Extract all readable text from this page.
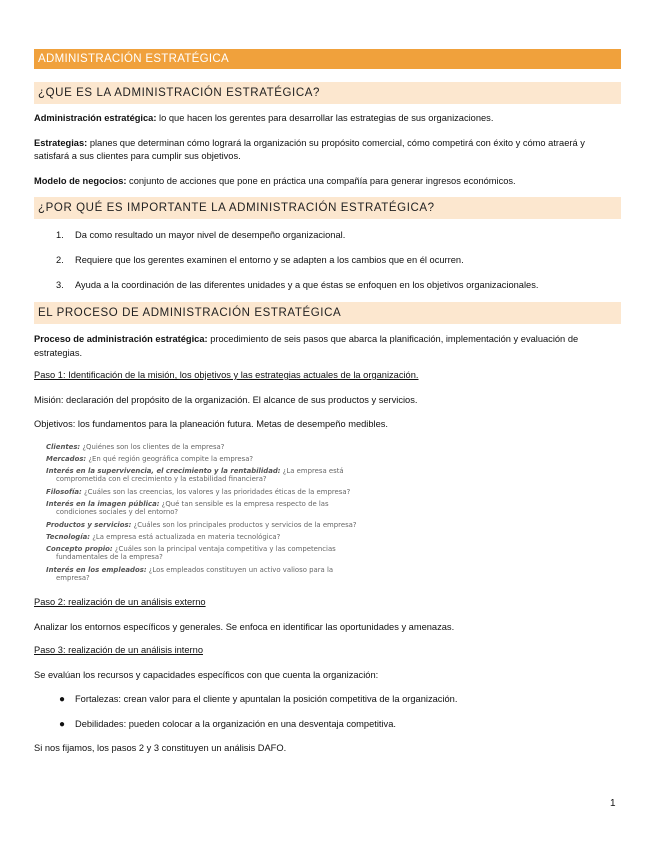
ADMINISTRACIÓN ESTRATÉGICA
¿QUE ES LA ADMINISTRACIÓN ESTRATÉGICA?

Administración estratégica: lo que hacen los gerentes para desarrollar las estrategias de sus organizaciones.

Estrategias: planes que determinan cómo logrará la organización su propósito comercial, cómo competirá con éxito y cómo atraerá y satisfará a sus clientes para cumplir sus objetivos.

Modelo de negocios: conjunto de acciones que pone en práctica una compañía para generar ingresos económicos.

¿POR QUÉ ES IMPORTANTE LA ADMINISTRACIÓN ESTRATÉGICA?
1. Da como resultado un mayor nivel de desempeño organizacional.
2. Requiere que los gerentes examinen el entorno y se adapten a los cambios que en él ocurren.
3. Ayuda a la coordinación de las diferentes unidades y a que éstas se enfoquen en los objetivos organizacionales.
EL PROCESO DE ADMINISTRACIÓN ESTRATÉGICA

Proceso de administración estratégica: procedimiento de seis pasos que abarca la planificación, implementación y evaluación de estrategias.

Paso 1: Identificación de la misión, los objetivos y las estrategias actuales de la organización.

Misión: declaración del propósito de la organización. El alcance de sus productos y servicios.

Objetivos: los fundamentos para la planeación futura. Metas de desempeño medibles.

Clientes: ¿Quiénes son los clientes de la empresa?

Mercados: ¿En qué región geográfica compite la empresa?

Interés en la supervivencia, el crecimiento y la rentabilidad: ¿La empresa está
comprometida con el crecimiento y la estabilidad financiera?

Filosofía: ¿Cuáles son las creencias, los valores y las prioridades éticas de la empresa?

Interés en la imagen pública: ¿Qué tan sensible es la empresa respecto de las
condiciones sociales y del entorno?

Productos y servicios: ¿Cuáles son los principales productos y servicios de la empresa?

Tecnología: ¿La empresa está actualizada en materia tecnológica?

Concepto propio: ¿Cuáles son la principal ventaja competitiva y las competencias
fundamentales de la empresa?

Interés en los empleados: ¿Los empleados constituyen un activo valioso para la
empresa?

Paso 2: realización de un análisis externo

Analizar los entornos específicos y generales. Se enfoca en identificar las oportunidades y amenazas.

Paso 3: realización de un análisis interno

Se evalúan los recursos y capacidades específicos con que cuenta la organización:

● Fortalezas: crean valor para el cliente y apuntalan la posición competitiva de la organización.
● Debilidades: pueden colocar a la organización en una desventaja competitiva.

Si nos fijamos, los pasos 2 y 3 constituyen un análisis DAFO.

1
